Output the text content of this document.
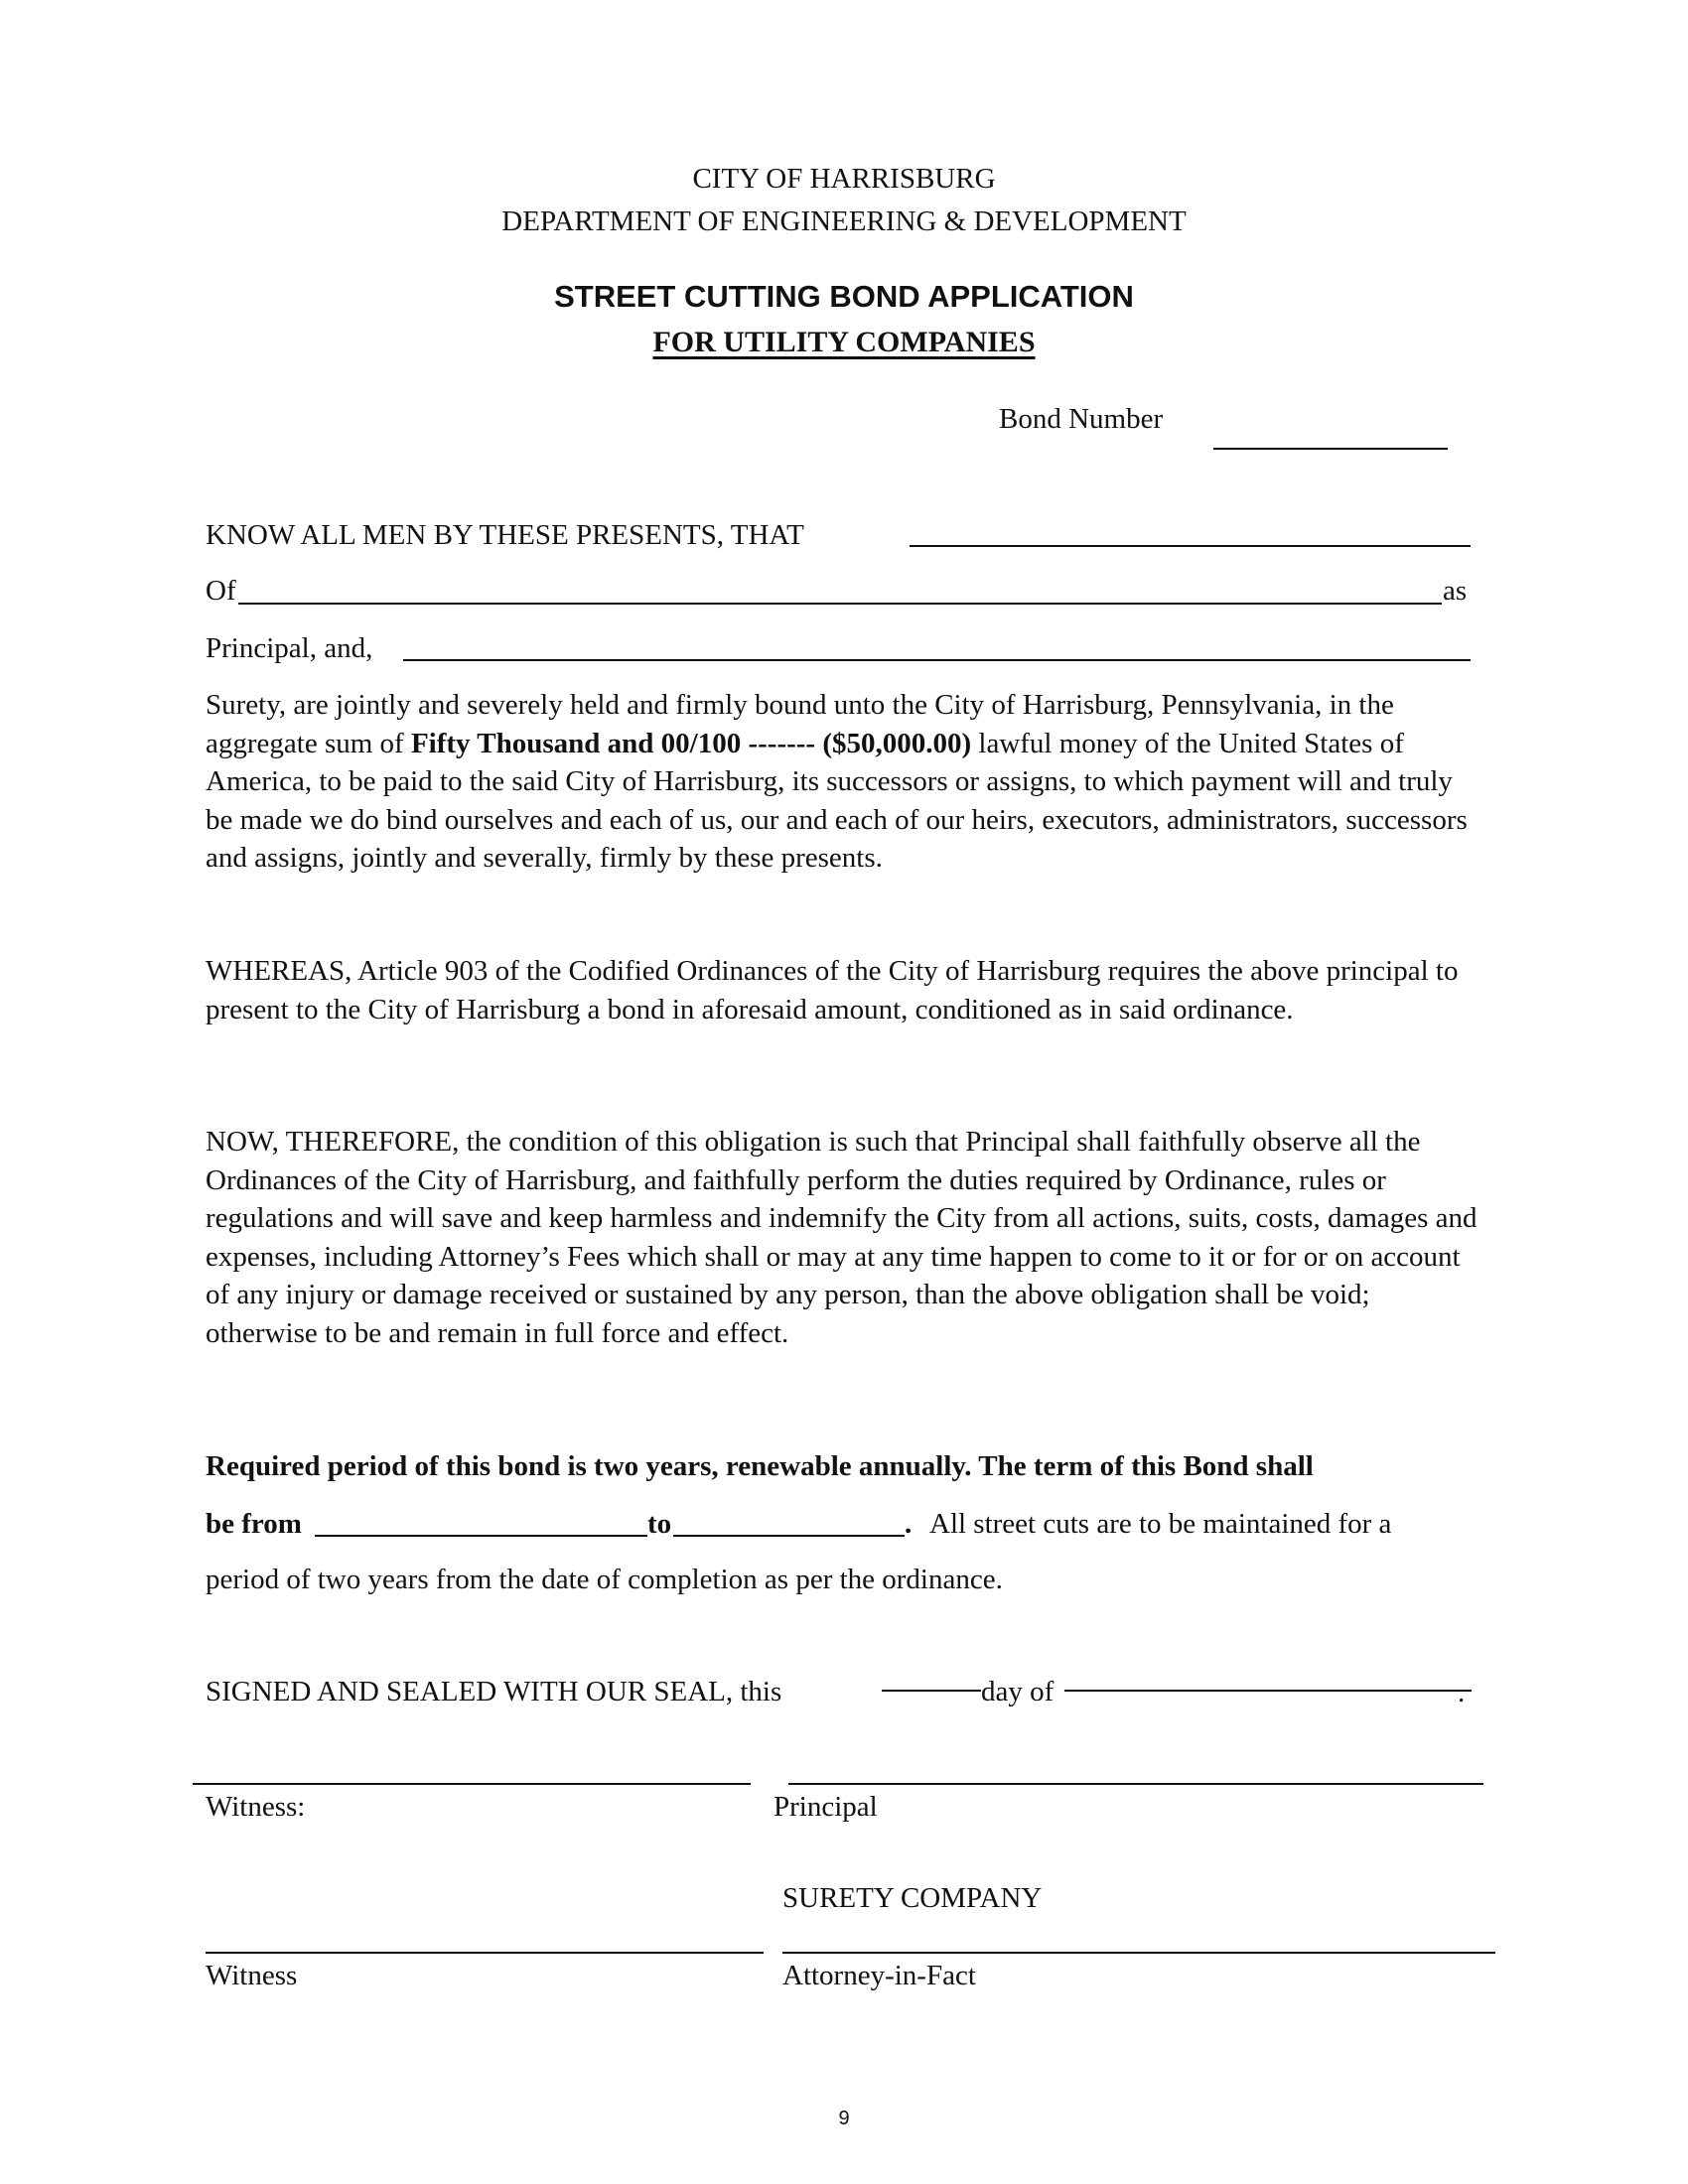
CITY OF HARRISBURG
DEPARTMENT OF ENGINEERING & DEVELOPMENT
STREET CUTTING BOND APPLICATION
FOR UTILITY COMPANIES
Bond Number
KNOW ALL MEN BY THESE PRESENTS, THAT
Of	as
Principal, and,
Surety, are jointly and severely held and firmly bound unto the City of Harrisburg, Pennsylvania, in the aggregate sum of Fifty Thousand and 00/100 ------- ($50,000.00) lawful money of the United States of America, to be paid to the said City of Harrisburg, its successors or assigns, to which payment will and truly be made we do bind ourselves and each of us, our and each of our heirs, executors, administrators, successors and assigns, jointly and severally, firmly by these presents.
WHEREAS, Article 903 of the Codified Ordinances of the City of Harrisburg requires the above principal to present to the City of Harrisburg a bond in aforesaid amount, conditioned as in said ordinance.
NOW, THEREFORE, the condition of this obligation is such that Principal shall faithfully observe all the Ordinances of the City of Harrisburg, and faithfully perform the duties required by Ordinance, rules or regulations and will save and keep harmless and indemnify the City from all actions, suits, costs, damages and expenses, including Attorney’s Fees which shall or may at any time happen to come to it or for or on account of any injury or damage received or sustained by any person, than the above obligation shall be void; otherwise to be and remain in full force and effect.
Required period of this bond is two years, renewable annually. The term of this Bond shall
be from	to	. All street cuts are to be maintained for a
period of two years from the date of completion as per the ordinance.
SIGNED AND SEALED WITH OUR SEAL, this	day of	.
Witness:	Principal
SURETY COMPANY
Witness	Attorney-in-Fact
9
